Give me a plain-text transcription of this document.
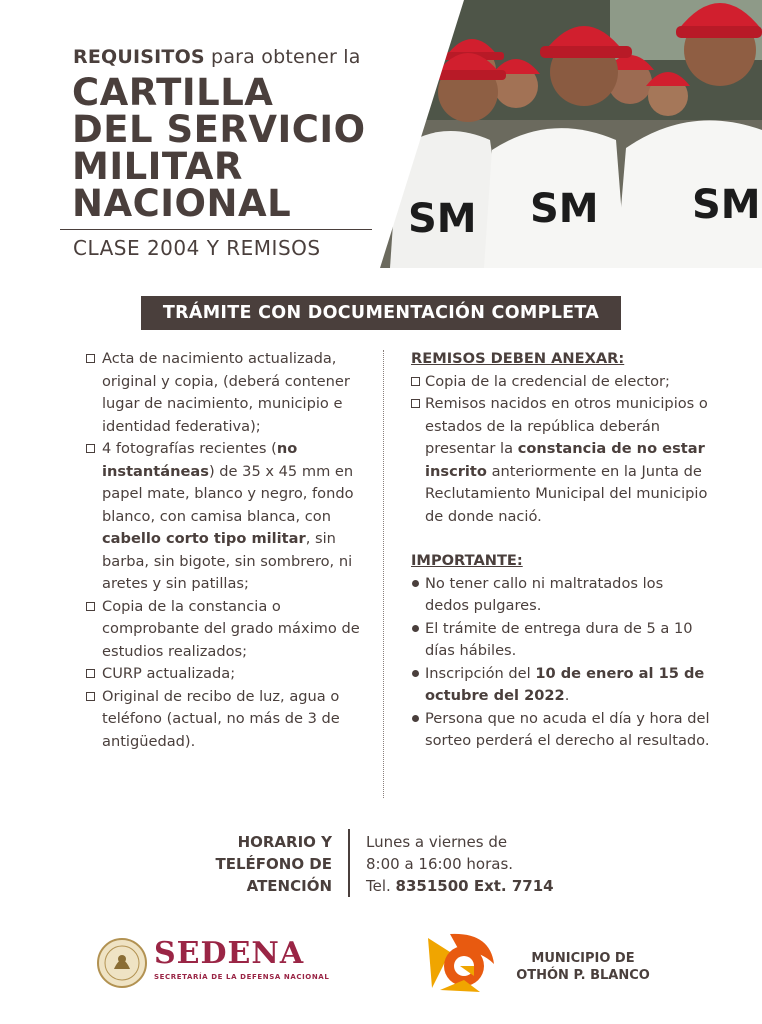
REQUISITOS para obtener la
CARTILLA
DEL SERVICIO
MILITAR
NACIONAL
CLASE 2004 Y REMISOS
SM SM SM
TRÁMITE CON DOCUMENTACIÓN COMPLETA
Acta de nacimiento actualizada, original y copia, (deberá contener lugar de nacimiento, municipio e identidad federativa);
4 fotografías recientes (no instantáneas) de 35 x 45 mm en papel mate, blanco y negro, fondo blanco, con camisa blanca, con cabello corto tipo militar, sin barba, sin bigote, sin sombrero, ni aretes y sin patillas;
Copia de la constancia o comprobante del grado máximo de estudios realizados;
CURP actualizada;
Original de recibo de luz, agua o teléfono (actual, no más de 3 de antigüedad).
REMISOS DEBEN ANEXAR:
Copia de la credencial de elector;
Remisos nacidos en otros municipios o estados de la república deberán presentar la constancia de no estar inscrito anteriormente en la Junta de Reclutamiento Municipal del municipio de donde nació.
IMPORTANTE:
No tener callo ni maltratados los dedos pulgares.
El trámite de entrega dura de 5 a 10 días hábiles.
Inscripción del 10 de enero al 15 de octubre del 2022.
Persona que no acuda el día y hora del sorteo perderá el derecho al resultado.
HORARIO Y
TELÉFONO DE
ATENCIÓN
Lunes a viernes de
8:00 a 16:00 horas.
Tel. 8351500 Ext. 7714
SEDENA
SECRETARÍA DE LA DEFENSA NACIONAL
MUNICIPIO DE
OTHÓN P. BLANCO
